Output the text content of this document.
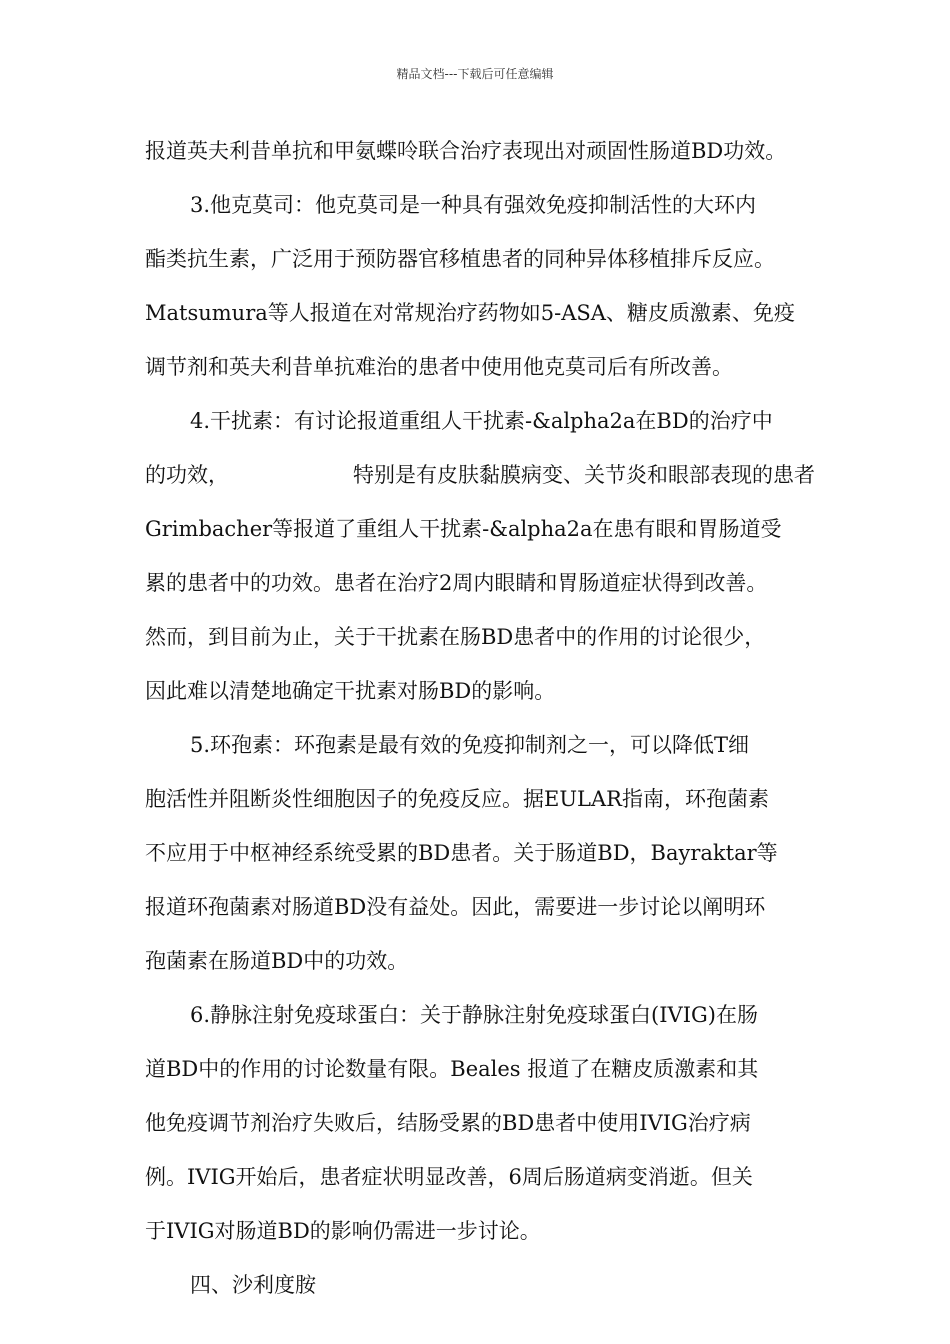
精品文档---下载后可任意编辑
报道英夫利昔单抗和甲氨蝶呤联合治疗表现出对顽固性肠道BD功效。
3.他克莫司：他克莫司是一种具有强效免疫抑制活性的大环内
酯类抗生素，广泛用于预防器官移植患者的同种异体移植排斥反应。
Matsumura等人报道在对常规治疗药物如5-ASA、糖皮质激素、免疫
调节剂和英夫利昔单抗难治的患者中使用他克莫司后有所改善。
4.干扰素：有讨论报道重组人干扰素-&alpha2a在BD的治疗中
的功效，	特别是有皮肤黏膜病变、关节炎和眼部表现的患者
Grimbacher等报道了重组人干扰素-&alpha2a在患有眼和胃肠道受
累的患者中的功效。患者在治疗2周内眼睛和胃肠道症状得到改善。
然而，到目前为止，关于干扰素在肠BD患者中的作用的讨论很少，
因此难以清楚地确定干扰素对肠BD的影响。
5.环孢素：环孢素是最有效的免疫抑制剂之一，可以降低T细
胞活性并阻断炎性细胞因子的免疫反应。据EULAR指南，环孢菌素
不应用于中枢神经系统受累的BD患者。关于肠道BD，Bayraktar等
报道环孢菌素对肠道BD没有益处。因此，需要进一步讨论以阐明环
孢菌素在肠道BD中的功效。
6.静脉注射免疫球蛋白：关于静脉注射免疫球蛋白(IVIG)在肠
道BD中的作用的讨论数量有限。Beales 报道了在糖皮质激素和其
他免疫调节剂治疗失败后，结肠受累的BD患者中使用IVIG治疗病
例。IVIG开始后，患者症状明显改善，6周后肠道病变消逝。但关
于IVIG对肠道BD的影响仍需进一步讨论。
四、沙利度胺
